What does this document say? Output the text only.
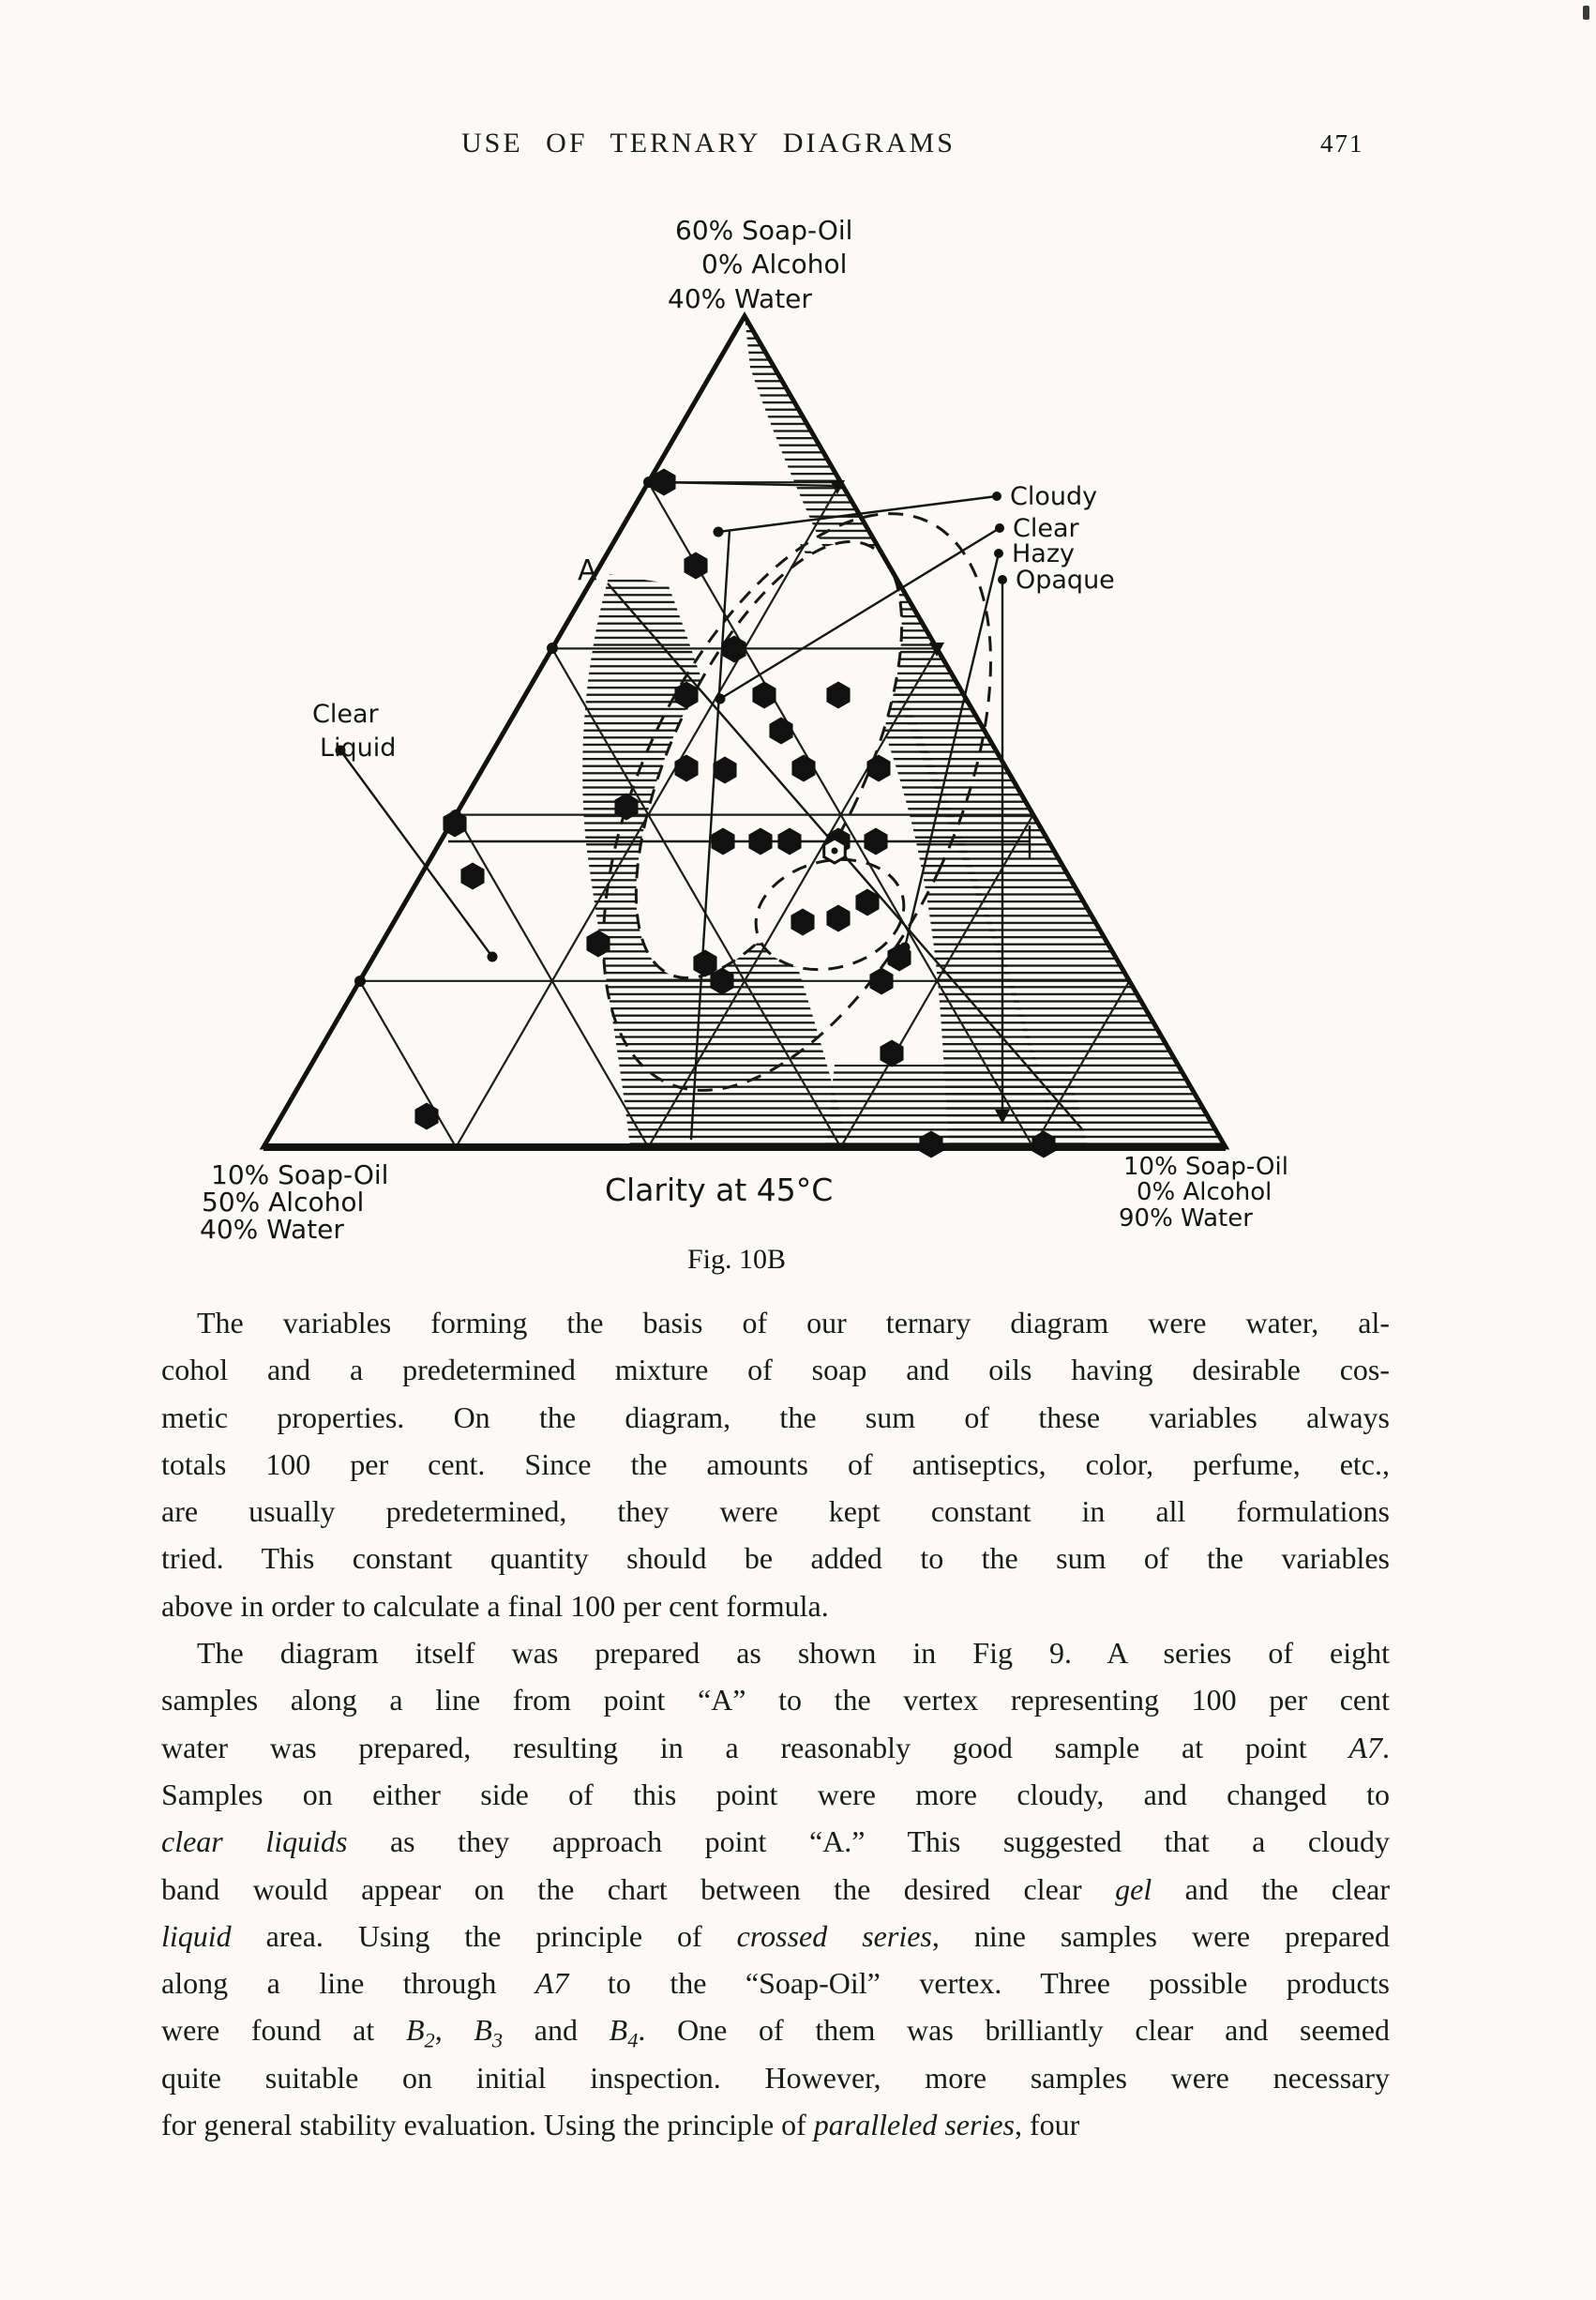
USE OF TERNARY DIAGRAMS	471
60% Soap-Oil
0% Alcohol
40% Water
Cloudy
Clear
Hazy
Opaque
Clear
Liquid
A
10% Soap-Oil
50% Alcohol
40% Water
Clarity at 45°C
10% Soap-Oil
0% Alcohol
90% Water
Fig. 10B
The variables forming the basis of our ternary diagram were water, al-
cohol and a predetermined mixture of soap and oils having desirable cos-
metic properties. On the diagram, the sum of these variables always
totals 100 per cent. Since the amounts of antiseptics, color, perfume, etc.,
are usually predetermined, they were kept constant in all formulations
tried. This constant quantity should be added to the sum of the variables
above in order to calculate a final 100 per cent formula.
The diagram itself was prepared as shown in Fig 9. A series of eight
samples along a line from point “A” to the vertex representing 100 per cent
water was prepared, resulting in a reasonably good sample at point A7.
Samples on either side of this point were more cloudy, and changed to
clear liquids as they approach point “A.” This suggested that a cloudy
band would appear on the chart between the desired clear gel and the clear
liquid area. Using the principle of crossed series, nine samples were prepared
along a line through A7 to the “Soap-Oil” vertex. Three possible products
were found at $B_2$, $B_3$ and $B_4$. One of them was brilliantly clear and seemed
quite suitable on initial inspection. However, more samples were necessary
for general stability evaluation. Using the principle of paralleled series, four
